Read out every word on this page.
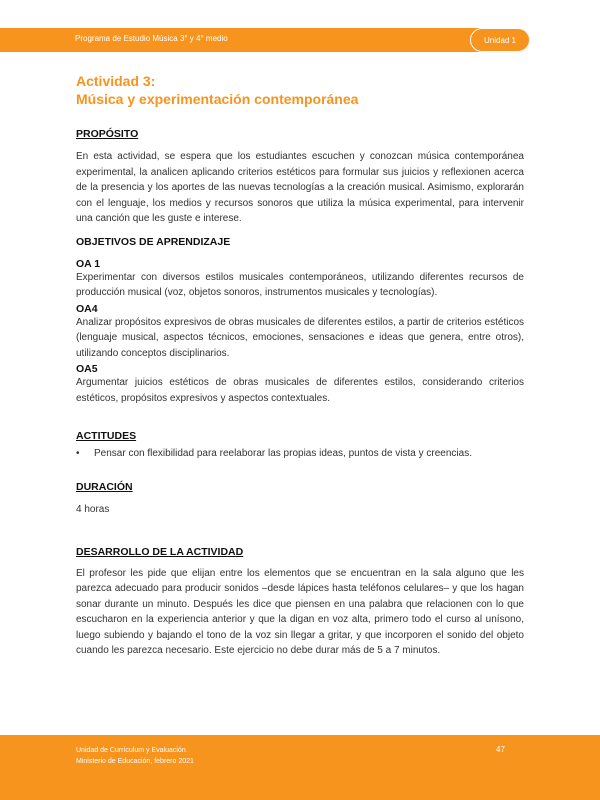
Programa de Estudio Música 3° y 4° medio	Unidad 1

Actividad 3:

Música y experimentación contemporánea

PROPÓSITO

En esta actividad, se espera que los estudiantes escuchen y conozcan música contemporánea experimental, la analicen aplicando criterios estéticos para formular sus juicios y reflexionen acerca de la presencia y los aportes de las nuevas tecnologías a la creación musical. Asimismo, explorarán con el lenguaje, los medios y recursos sonoros que utiliza la música experimental, para intervenir una canción que les guste e interese.

OBJETIVOS DE APRENDIZAJE

OA 1

Experimentar con diversos estilos musicales contemporáneos, utilizando diferentes recursos de producción musical (voz, objetos sonoros, instrumentos musicales y tecnologías).

OA4

Analizar propósitos expresivos de obras musicales de diferentes estilos, a partir de criterios estéticos (lenguaje musical, aspectos técnicos, emociones, sensaciones e ideas que genera, entre otros), utilizando conceptos disciplinarios.

OA5

Argumentar juicios estéticos de obras musicales de diferentes estilos, considerando criterios estéticos, propósitos expresivos y aspectos contextuales.

ACTITUDES

•	Pensar con flexibilidad para reelaborar las propias ideas, puntos de vista y creencias.

DURACIÓN

4 horas

DESARROLLO DE LA ACTIVIDAD

El profesor les pide que elijan entre los elementos que se encuentran en la sala alguno que les parezca adecuado para producir sonidos –desde lápices hasta teléfonos celulares– y que los hagan sonar durante un minuto. Después les dice que piensen en una palabra que relacionen con lo que escucharon en la experiencia anterior y que la digan en voz alta, primero todo el curso al unísono, luego subiendo y bajando el tono de la voz sin llegar a gritar, y que incorporen el sonido del objeto cuando les parezca necesario. Este ejercicio no debe durar más de 5 a 7 minutos.

Unidad de Currículum y Evaluación
Ministerio de Educación, febrero 2021
47
